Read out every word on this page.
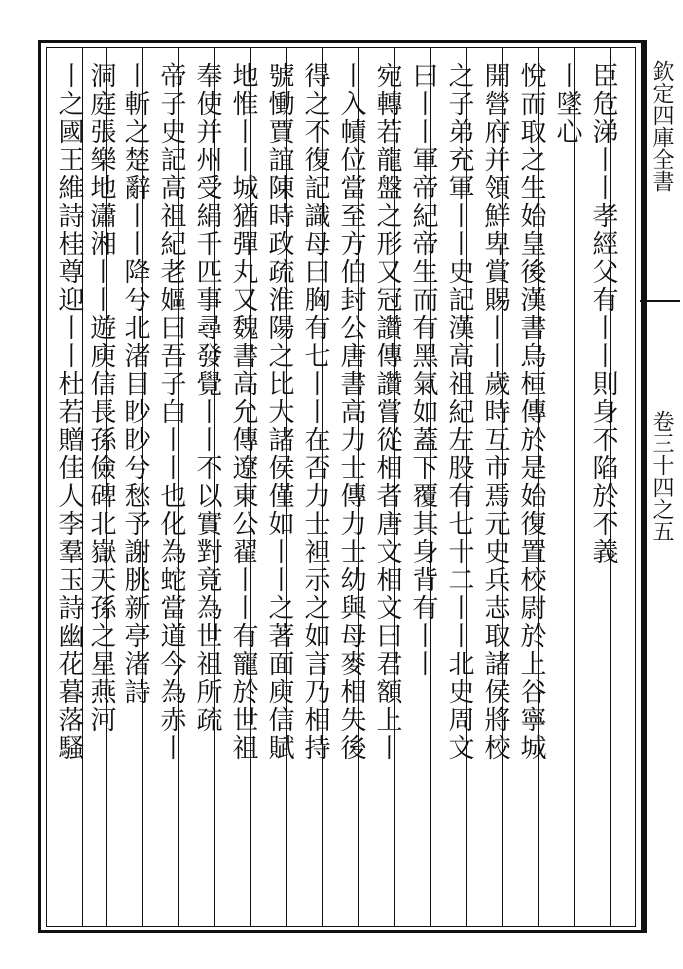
欽定四庫全書
卷三十四之五
臣危涕丨丨孝經父有丨丨則身不陷於不義
丨墜心
悅而取之生始皇後漢書烏桓傳於是始復置校尉於上谷寧城
開營府并領鮮卑賞賜丨丨歲時互市焉元史兵志取諸侯將校
之子弟充軍丨丨史記漢高祖紀左股有七十二丨丨北史周文
曰丨丨軍帝紀帝生而有黑氣如蓋下覆其身背有丨丨
宛轉若龍盤之形又冠讚傳讚嘗從相者唐文相文曰君額上丨
丨入幘位當至方伯封公唐書高力士傳力士幼與母麥相失後
得之不復記識母曰胸有七丨丨在否力士袒示之如言乃相持
號慟賈誼陳時政疏淮陽之比大諸侯僅如丨丨之著面庾信賦
地惟丨丨城猶彈丸又魏書高允傳遼東公翟丨丨有寵於世祖
奉使并州受絹千匹事尋發覺丨丨不以實對竟為世祖所疏
帝子史記高祖紀老嫗曰吾子白丨丨也化為蛇當道今為赤丨
丨斬之楚辭丨丨降兮北渚目眇眇兮愁予謝朓新亭渚詩
洞庭張樂地瀟湘丨丨遊庾信長孫儉碑北嶽天孫之星燕河
丨之國王維詩桂尊迎丨丨杜若贈佳人李羣玉詩幽花暮落騷
